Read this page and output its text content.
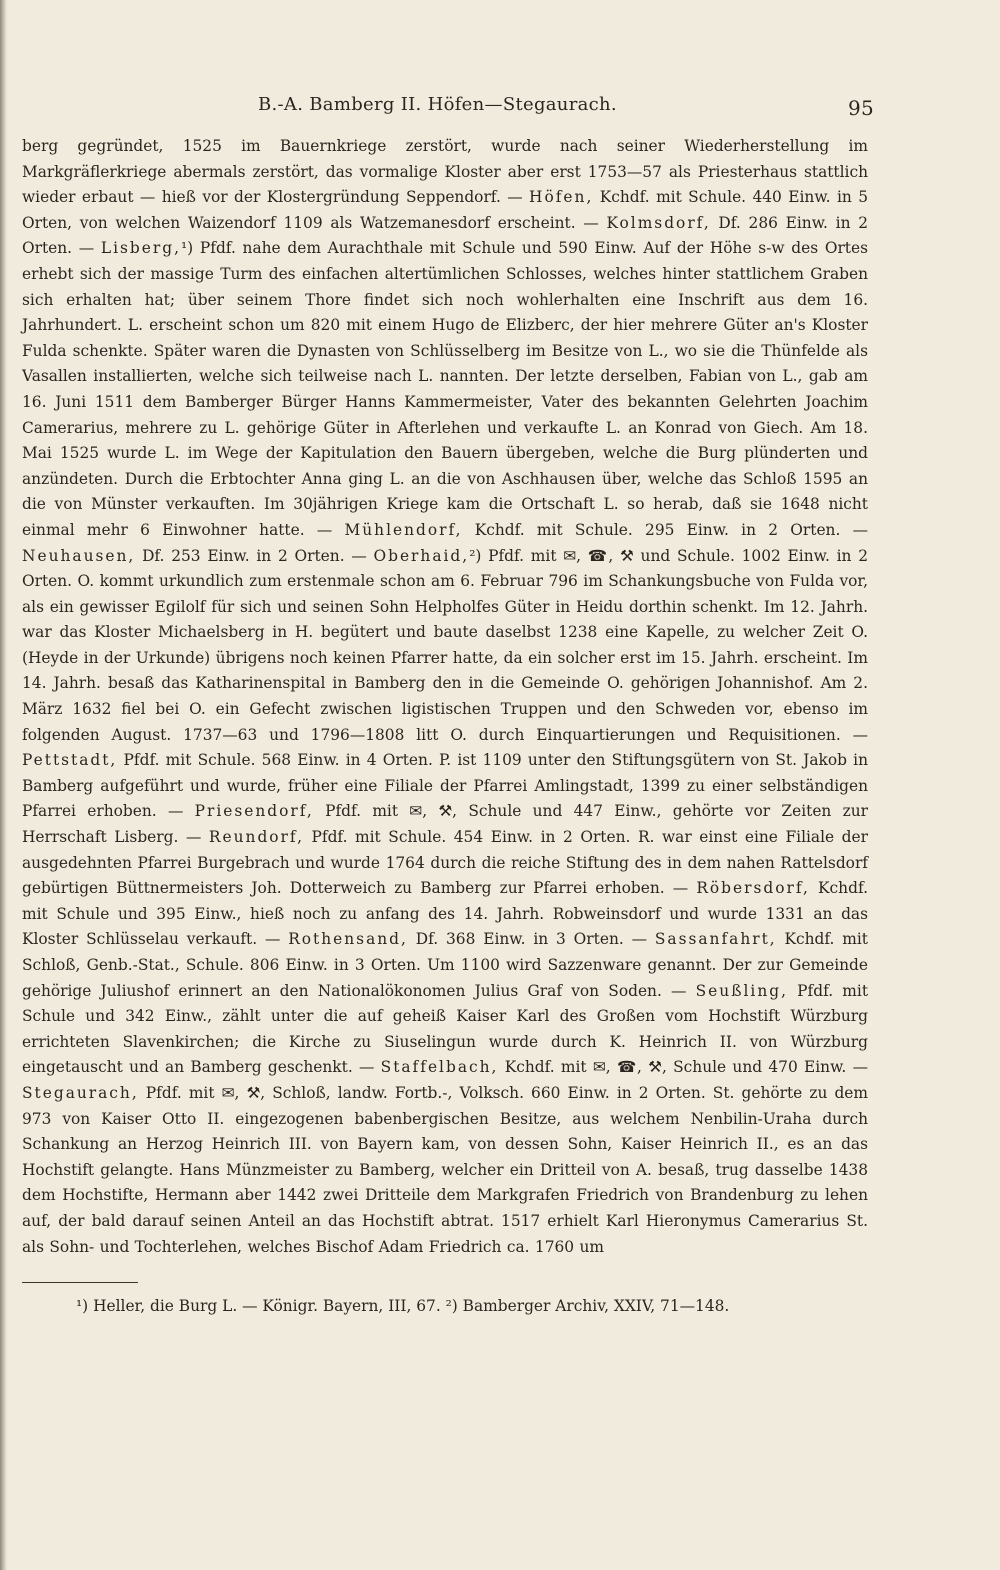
B.-A. Bamberg II. Höfen—Stegaurach.	95

berg gegründet, 1525 im Bauernkriege zerstört, wurde nach seiner Wiederherstellung im Markgräflerkriege abermals zerstört, das vormalige Kloster aber erst 1753—57 als Priesterhaus stattlich wieder erbaut — hieß vor der Klostergründung Seppendorf. — Höfen, Kchdf. mit Schule. 440 Einw. in 5 Orten, von welchen Waizendorf 1109 als Watzemanesdorf erscheint. — Kolmsdorf, Df. 286 Einw. in 2 Orten. — Lisberg,¹) Pfdf. nahe dem Aurachthale mit Schule und 590 Einw. Auf der Höhe s-w des Ortes erhebt sich der massige Turm des einfachen altertümlichen Schlosses, welches hinter stattlichem Graben sich erhalten hat; über seinem Thore findet sich noch wohlerhalten eine Inschrift aus dem 16. Jahrhundert. L. erscheint schon um 820 mit einem Hugo de Elizberc, der hier mehrere Güter an's Kloster Fulda schenkte. Später waren die Dynasten von Schlüsselberg im Besitze von L., wo sie die Thünfelde als Vasallen installierten, welche sich teilweise nach L. nannten. Der letzte derselben, Fabian von L., gab am 16. Juni 1511 dem Bamberger Bürger Hanns Kammermeister, Vater des bekannten Gelehrten Joachim Camerarius, mehrere zu L. gehörige Güter in Afterlehen und verkaufte L. an Konrad von Giech. Am 18. Mai 1525 wurde L. im Wege der Kapitulation den Bauern übergeben, welche die Burg plünderten und anzündeten. Durch die Erbtochter Anna ging L. an die von Aschhausen über, welche das Schloß 1595 an die von Münster verkauften. Im 30jährigen Kriege kam die Ortschaft L. so herab, daß sie 1648 nicht einmal mehr 6 Einwohner hatte. — Mühlendorf, Kchdf. mit Schule. 295 Einw. in 2 Orten. — Neuhausen, Df. 253 Einw. in 2 Orten. — Oberhaid,²) Pfdf. mit ✉, ☎, ⚒ und Schule. 1002 Einw. in 2 Orten. O. kommt urkundlich zum erstenmale schon am 6. Februar 796 im Schankungsbuche von Fulda vor, als ein gewisser Egilolf für sich und seinen Sohn Helpholfes Güter in Heidu dorthin schenkt. Im 12. Jahrh. war das Kloster Michaelsberg in H. begütert und baute daselbst 1238 eine Kapelle, zu welcher Zeit O. (Heyde in der Urkunde) übrigens noch keinen Pfarrer hatte, da ein solcher erst im 15. Jahrh. erscheint. Im 14. Jahrh. besaß das Katharinenspital in Bamberg den in die Gemeinde O. gehörigen Johannishof. Am 2. März 1632 fiel bei O. ein Gefecht zwischen ligistischen Truppen und den Schweden vor, ebenso im folgenden August. 1737—63 und 1796—1808 litt O. durch Einquartierungen und Requisitionen. — Pettstadt, Pfdf. mit Schule. 568 Einw. in 4 Orten. P. ist 1109 unter den Stiftungsgütern von St. Jakob in Bamberg aufgeführt und wurde, früher eine Filiale der Pfarrei Amlingstadt, 1399 zu einer selbständigen Pfarrei erhoben. — Priesendorf, Pfdf. mit ✉, ⚒, Schule und 447 Einw., gehörte vor Zeiten zur Herrschaft Lisberg. — Reundorf, Pfdf. mit Schule. 454 Einw. in 2 Orten. R. war einst eine Filiale der ausgedehnten Pfarrei Burgebrach und wurde 1764 durch die reiche Stiftung des in dem nahen Rattelsdorf gebürtigen Büttnermeisters Joh. Dotterweich zu Bamberg zur Pfarrei erhoben. — Röbersdorf, Kchdf. mit Schule und 395 Einw., hieß noch zu anfang des 14. Jahrh. Robweinsdorf und wurde 1331 an das Kloster Schlüsselau verkauft. — Rothensand, Df. 368 Einw. in 3 Orten. — Sassanfahrt, Kchdf. mit Schloß, Genb.-Stat., Schule. 806 Einw. in 3 Orten. Um 1100 wird Sazzenware genannt. Der zur Gemeinde gehörige Juliushof erinnert an den Nationalökonomen Julius Graf von Soden. — Seußling, Pfdf. mit Schule und 342 Einw., zählt unter die auf geheiß Kaiser Karl des Großen vom Hochstift Würzburg errichteten Slavenkirchen; die Kirche zu Siuselingun wurde durch K. Heinrich II. von Würzburg eingetauscht und an Bamberg geschenkt. — Staffelbach, Kchdf. mit ✉, ☎, ⚒, Schule und 470 Einw. — Stegaurach, Pfdf. mit ✉, ⚒, Schloß, landw. Fortb.-, Volksch. 660 Einw. in 2 Orten. St. gehörte zu dem 973 von Kaiser Otto II. eingezogenen babenbergischen Besitze, aus welchem Nenbilin-Uraha durch Schankung an Herzog Heinrich III. von Bayern kam, von dessen Sohn, Kaiser Heinrich II., es an das Hochstift gelangte. Hans Münzmeister zu Bamberg, welcher ein Dritteil von A. besaß, trug dasselbe 1438 dem Hochstifte, Hermann aber 1442 zwei Dritteile dem Markgrafen Friedrich von Brandenburg zu lehen auf, der bald darauf seinen Anteil an das Hochstift abtrat. 1517 erhielt Karl Hieronymus Camerarius St. als Sohn- und Tochterlehen, welches Bischof Adam Friedrich ca. 1760 um

¹) Heller, die Burg L. — Königr. Bayern, III, 67. ²) Bamberger Archiv, XXIV, 71—148.
